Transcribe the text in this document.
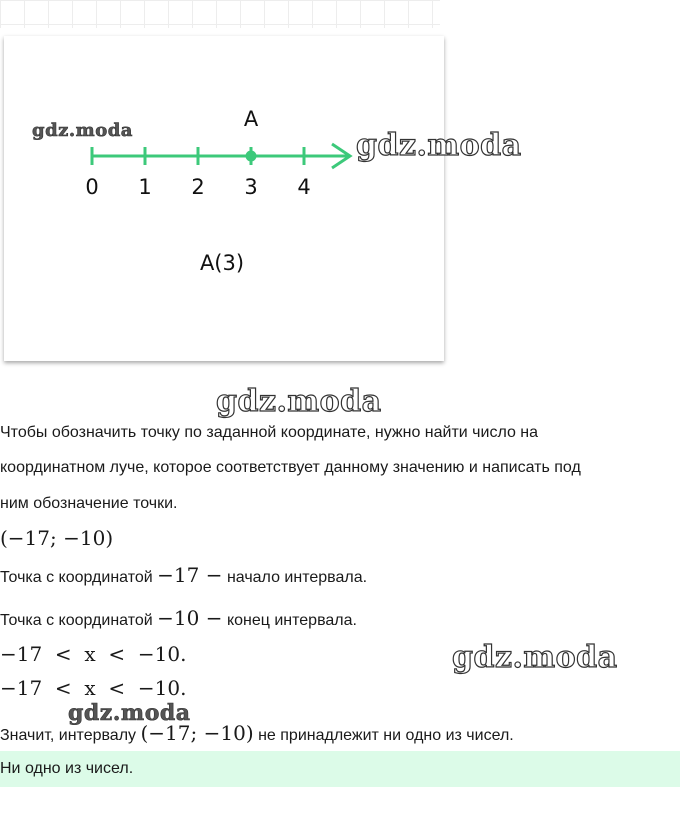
0 1 2 3 4
A
A(3)
gdz.moda	gdz.moda
gdz.moda
Чтобы обозначить точку по заданной координате, нужно найти число на
координатном луче, которое соответствует данному значению и написать под
ним обозначение точки.
(−17; −10)
Точка с координатой −17 − начало интервала.
Точка с координатой −10 − конец интервала.
−17  <  x  <  −10.	gdz.moda
−17  <  x  <  −10.
gdz.moda
Значит, интервалу (−17; −10) не принадлежит ни одно из чисел.
Ни одно из чисел.
